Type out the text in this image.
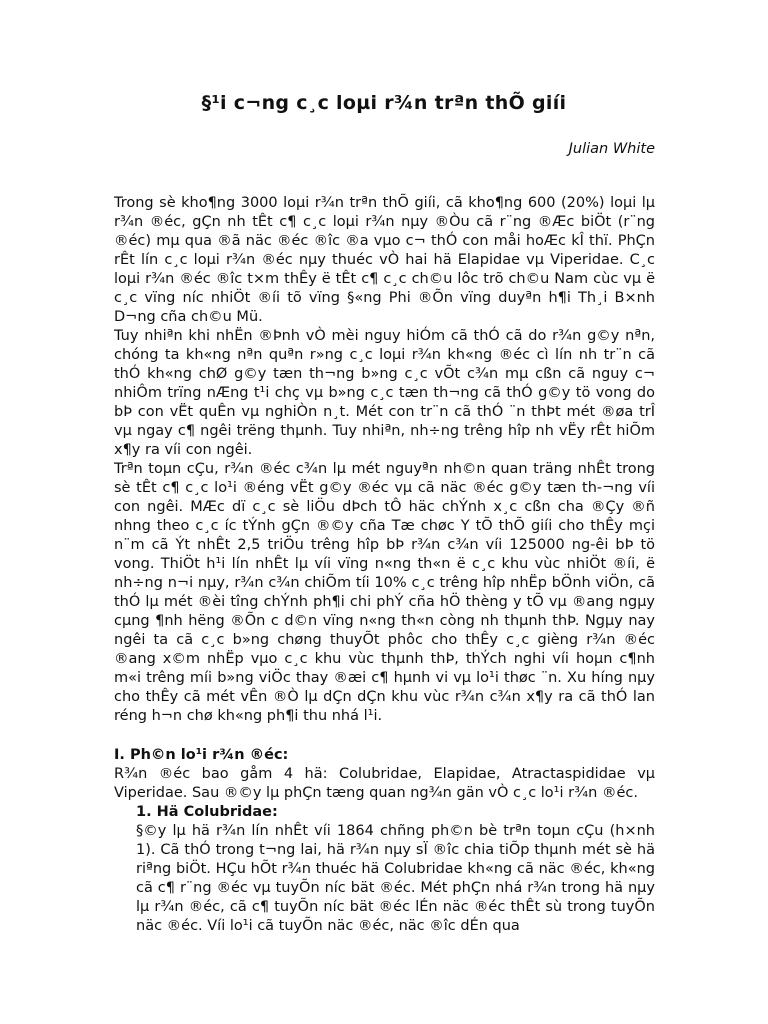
§¹i c¬ng c¸c loµi r¾n trªn thÕ giíi
Julian White

Trong sè kho¶ng 3000 loµi r¾n trªn thÕ giíi, cã kho¶ng 600 (20%) loµi lµ r¾n ®éc, gÇn nh tÊt c¶ c¸c loµi r¾n nµy ®Òu cã r¨ng ®Æc biÖt (r¨ng ®éc) mµ qua ®ã näc ®éc ®îc ®a vµo c¬ thÓ con måi hoÆc kÎ thï. PhÇn rÊt lín c¸c loµi r¾n ®éc nµy thuéc vÒ hai hä Elapidae vµ Viperidae. C¸c loµi r¾n ®éc ®îc t×m thÊy ë tÊt c¶ c¸c ch©u lôc trõ ch©u Nam cùc vµ ë c¸c vïng níc nhiÖt ®íi tõ vïng §«ng Phi ®Õn vïng duyªn h¶i Th¸i B×nh D¬ng cña ch©u Mü.

Tuy nhiªn khi nhËn ®Þnh vÒ mèi nguy hiÓm cã thÓ cã do r¾n g©y nªn, chóng ta kh«ng nªn quªn r»ng c¸c loµi r¾n kh«ng ®éc cì lín nh tr¨n cã thÓ kh«ng chØ g©y tæn th¬ng b»ng c¸c vÕt c¾n mµ cßn cã nguy c¬ nhiÔm trïng nÆng t¹i chç vµ b»ng c¸c tæn th¬ng cã thÓ g©y tö vong do bÞ con vËt quÊn vµ nghiÒn n¸t. Mét con tr¨n cã thÓ ¨n thÞt mét ®øa trÎ vµ ngay c¶ ngêi trëng thµnh. Tuy nhiªn, nh÷ng trêng hîp nh vËy rÊt hiÕm x¶y ra víi con ngêi.

Trªn toµn cÇu, r¾n ®éc c¾n lµ mét nguyªn nh©n quan träng nhÊt trong sè tÊt c¶ c¸c lo¹i ®éng vËt g©y ®éc vµ cã näc ®éc g©y tæn th-¬ng víi con ngêi. MÆc dï c¸c sè liÖu dÞch tÔ häc chÝnh x¸c cßn cha ®Çy ®ñ nhng theo c¸c íc tÝnh gÇn ®©y cña Tæ chøc Y tÕ thÕ giíi cho thÊy mçi n¨m cã Ýt nhÊt 2,5 triÖu trêng hîp bÞ r¾n c¾n víi 125000 ng-êi bÞ tö vong. ThiÖt h¹i lín nhÊt lµ víi vïng n«ng th«n ë c¸c khu vùc nhiÖt ®íi, ë nh÷ng n¬i nµy, r¾n c¾n chiÕm tíi 10% c¸c trêng hîp nhËp bÖnh viÖn, cã thÓ lµ mét ®èi tîng chÝnh ph¶i chi phÝ cña hÖ thèng y tÕ vµ ®ang ngµy cµng ¶nh hëng ®Õn c d©n vïng n«ng th«n còng nh thµnh thÞ. Ngµy nay ngêi ta cã c¸c b»ng chøng thuyÕt phôc cho thÊy c¸c gièng r¾n ®éc ®ang x©m nhËp vµo c¸c khu vùc thµnh thÞ, thÝch nghi víi hoµn c¶nh m«i trêng míi b»ng viÖc thay ®æi c¶ hµnh vi vµ lo¹i thøc ¨n. Xu híng nµy cho thÊy cã mét vÊn ®Ò lµ dÇn dÇn khu vùc r¾n c¾n x¶y ra cã thÓ lan réng h¬n chø kh«ng ph¶i thu nhá l¹i.

I. Ph©n lo¹i r¾n ®éc:

R¾n ®éc bao gåm 4 hä: Colubridae, Elapidae, Atractaspididae vµ Viperidae. Sau ®©y lµ phÇn tæng quan ng¾n gän vÒ c¸c lo¹i r¾n ®éc.

1. Hä Colubridae:

§©y lµ hä r¾n lín nhÊt víi 1864 chñng ph©n bè trªn toµn cÇu (h×nh 1). Cã thÓ trong t¬ng lai, hä r¾n nµy sÏ ®îc chia tiÕp thµnh mét sè hä riªng biÖt. HÇu hÕt r¾n thuéc hä Colubridae kh«ng cã näc ®éc, kh«ng cã c¶ r¨ng ®éc vµ tuyÕn níc bät ®éc. Mét phÇn nhá r¾n trong hä nµy lµ r¾n ®éc, cã c¶ tuyÕn níc bät ®éc lÉn näc ®éc thÊt sù trong tuyÕn näc ®éc. Víi lo¹i cã tuyÕn näc ®éc, näc ®îc dÉn qua
